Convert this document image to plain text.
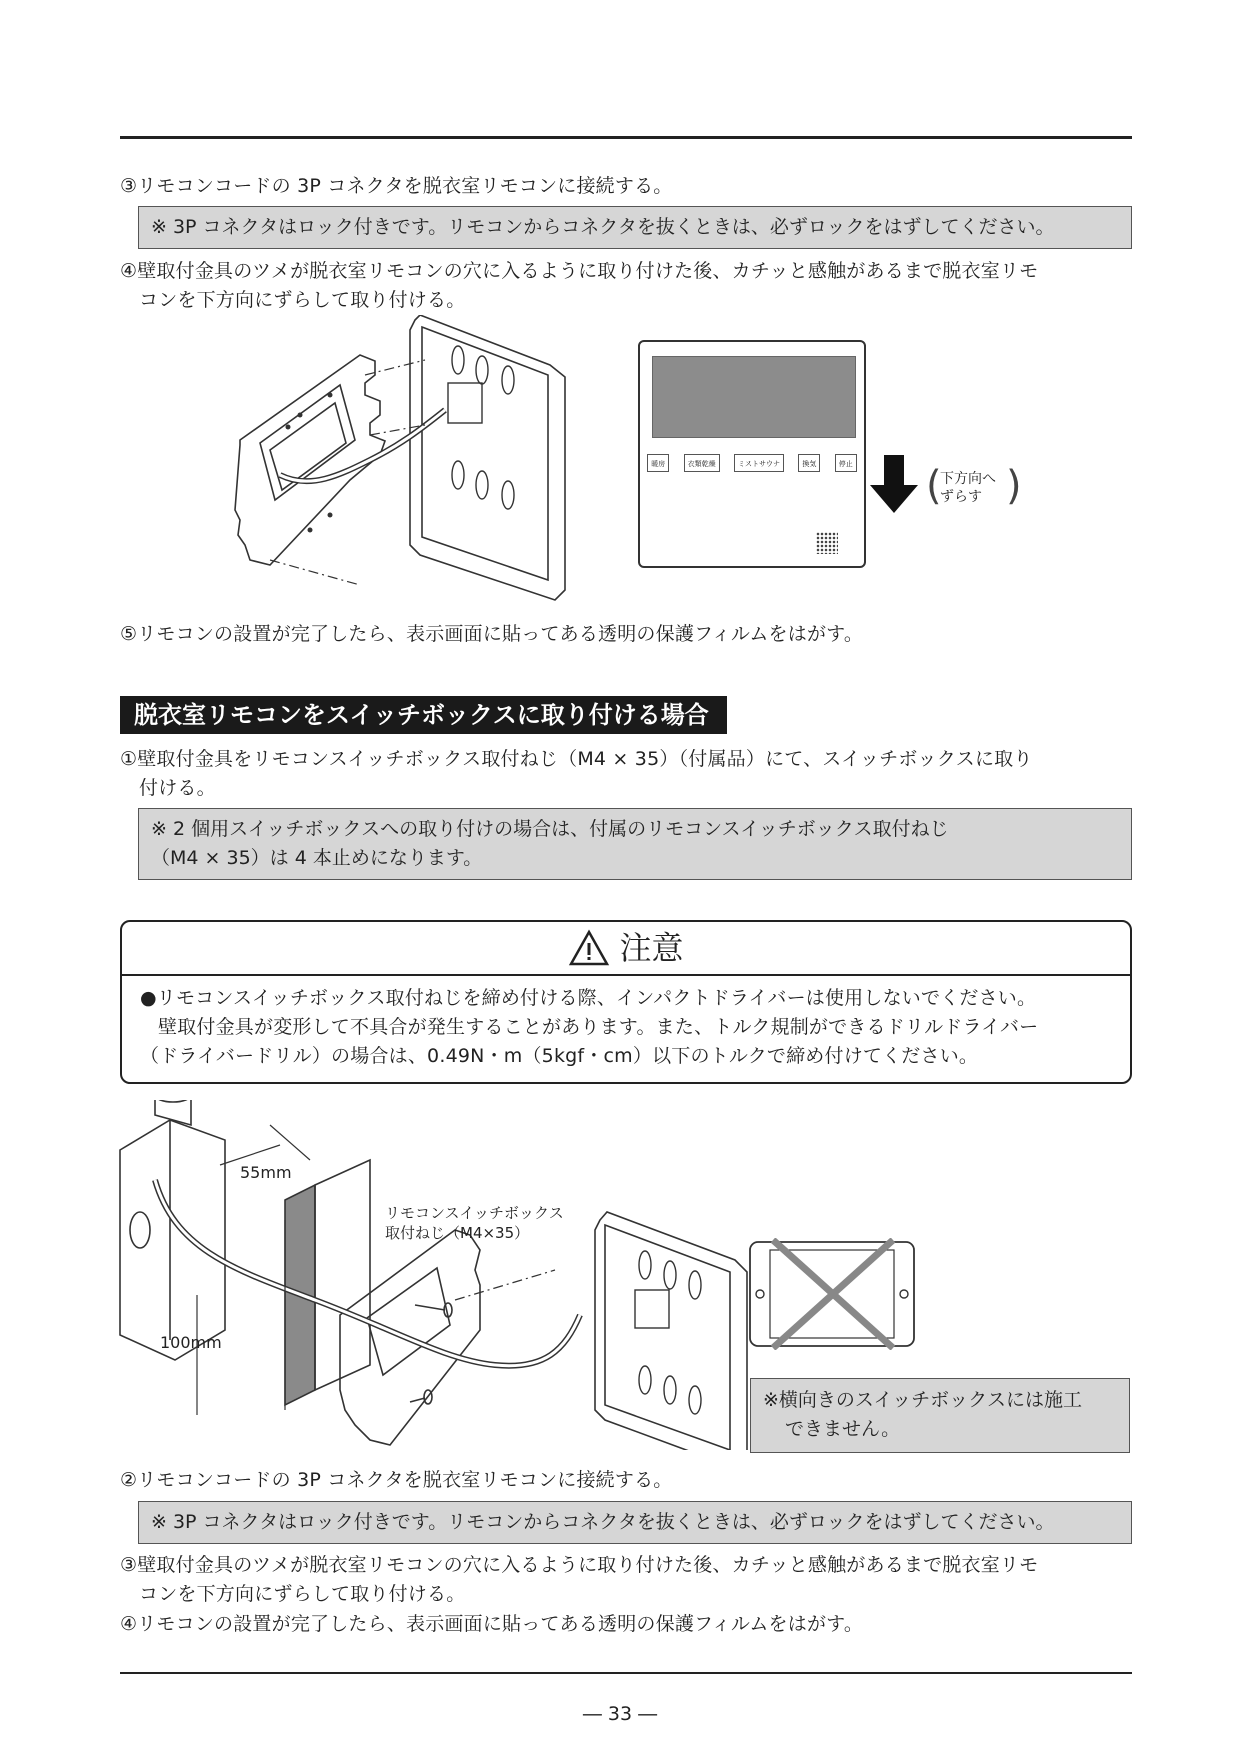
③リモコンコードの 3P コネクタを脱衣室リモコンに接続する。
※ 3P コネクタはロック付きです。リモコンからコネクタを抜くときは、必ずロックをはずしてください。
④壁取付金具のツメが脱衣室リモコンの穴に入るように取り付けた後、カチッと感触があるまで脱衣室リモ
コンを下方向にずらして取り付ける。
暖房	衣類乾燥	ミストサウナ	換気	停止 (
下方向へ
ずらす )
⑤リモコンの設置が完了したら、表示画面に貼ってある透明の保護フィルムをはがす。
脱衣室リモコンをスイッチボックスに取り付ける場合
①壁取付金具をリモコンスイッチボックス取付ねじ（M4 × 35）（付属品）にて、スイッチボックスに取り
付ける。
※ 2 個用スイッチボックスへの取り付けの場合は、付属のリモコンスイッチボックス取付ねじ
（M4 × 35）は 4 本止めになります。
注意
●リモコンスイッチボックス取付ねじを締め付ける際、インパクトドライバーは使用しないでください。
壁取付金具が変形して不具合が発生することがあります。また、トルク規制ができるドリルドライバー
（ドライバードリル）の場合は、0.49N・m（5kgf・cm）以下のトルクで締め付けてください。
55mm
100mm
リモコンスイッチボックス
取付ねじ（M4×35）
※横向きのスイッチボックスには施工
できません。
②リモコンコードの 3P コネクタを脱衣室リモコンに接続する。
※ 3P コネクタはロック付きです。リモコンからコネクタを抜くときは、必ずロックをはずしてください。
③壁取付金具のツメが脱衣室リモコンの穴に入るように取り付けた後、カチッと感触があるまで脱衣室リモ
コンを下方向にずらして取り付ける。
④リモコンの設置が完了したら、表示画面に貼ってある透明の保護フィルムをはがす。
― 33 ―
